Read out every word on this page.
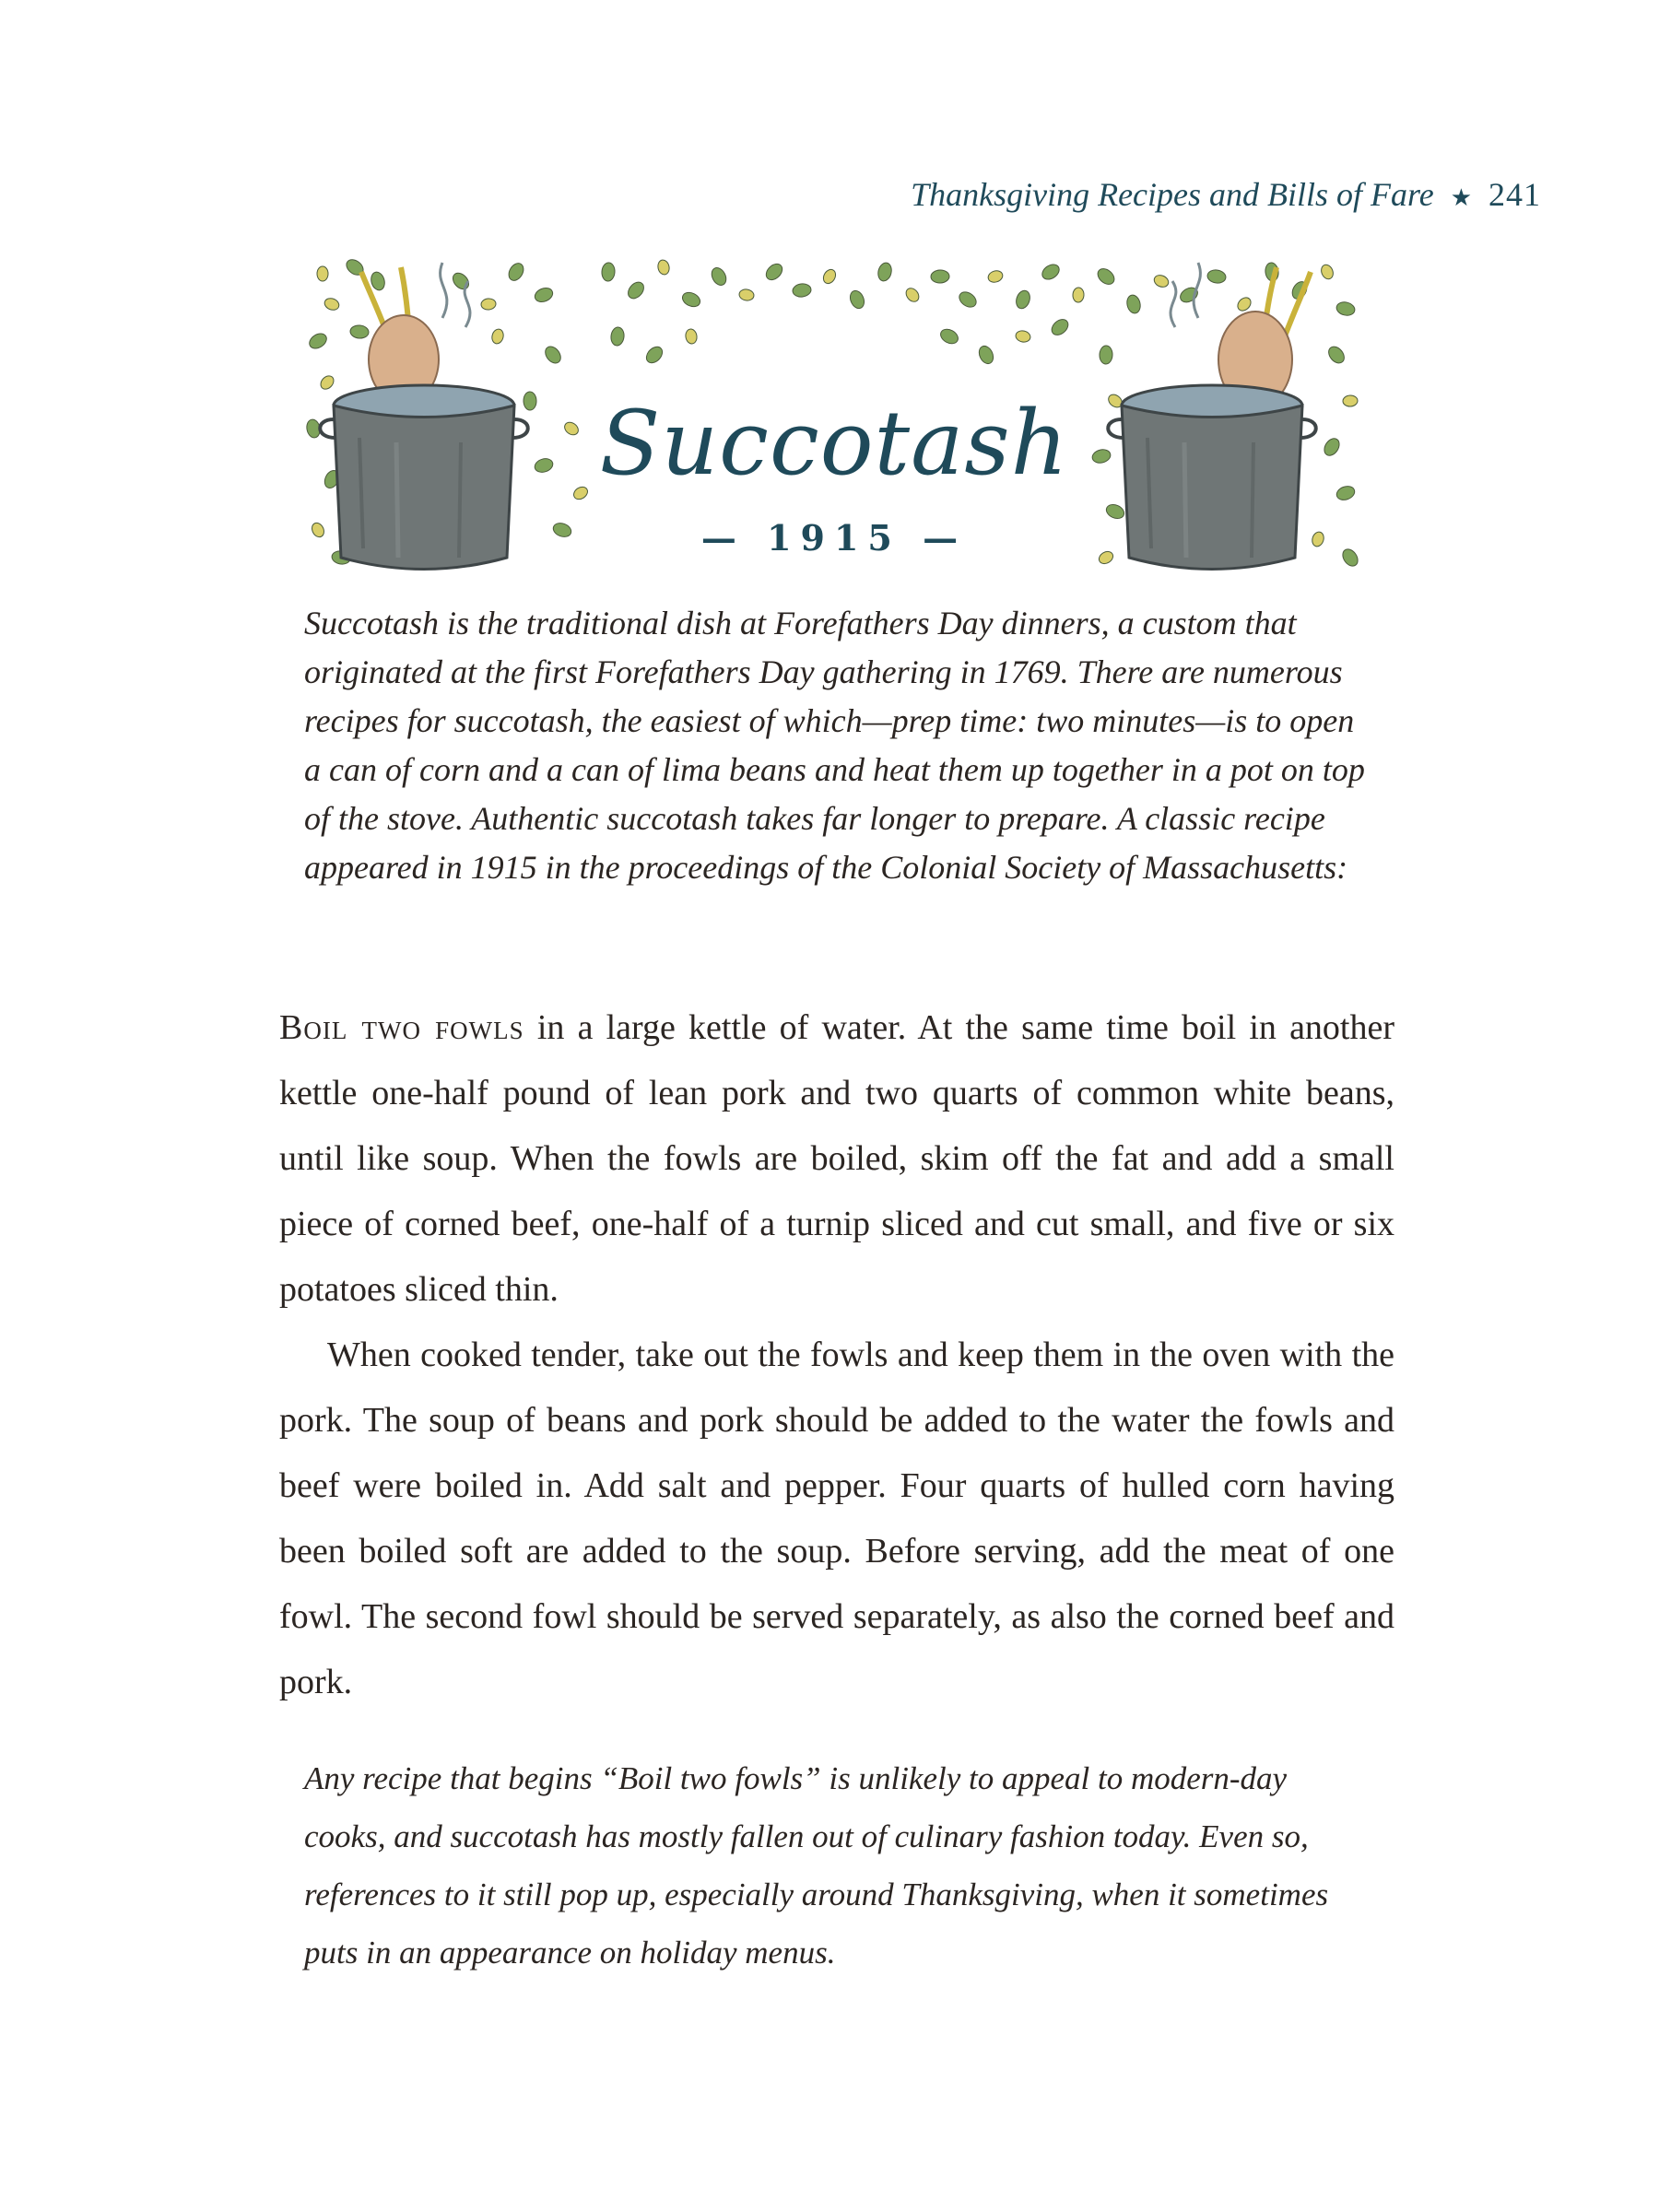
Thanksgiving Recipes and Bills of Fare ★ 241
Succotash
— 1915 —

Succotash is the traditional dish at Forefathers Day dinners, a custom that originated at the first Forefathers Day gathering in 1769. There are numerous recipes for succotash, the easiest of which—prep time: two minutes—is to open a can of corn and a can of lima beans and heat them up together in a pot on top of the stove. Authentic succotash takes far longer to prepare. A classic recipe appeared in 1915 in the proceedings of the Colonial Society of Massachusetts:

Boil two fowls in a large kettle of water. At the same time boil in another kettle one-half pound of lean pork and two quarts of common white beans, until like soup. When the fowls are boiled, skim off the fat and add a small piece of corned beef, one-half of a turnip sliced and cut small, and five or six potatoes sliced thin.

When cooked tender, take out the fowls and keep them in the oven with the pork. The soup of beans and pork should be added to the water the fowls and beef were boiled in. Add salt and pepper. Four quarts of hulled corn having been boiled soft are added to the soup. Before serving, add the meat of one fowl. The second fowl should be served separately, as also the corned beef and pork.

Any recipe that begins “Boil two fowls” is unlikely to appeal to modern-day cooks, and succotash has mostly fallen out of culinary fashion today. Even so, references to it still pop up, especially around Thanksgiving, when it sometimes puts in an appearance on holiday menus.
